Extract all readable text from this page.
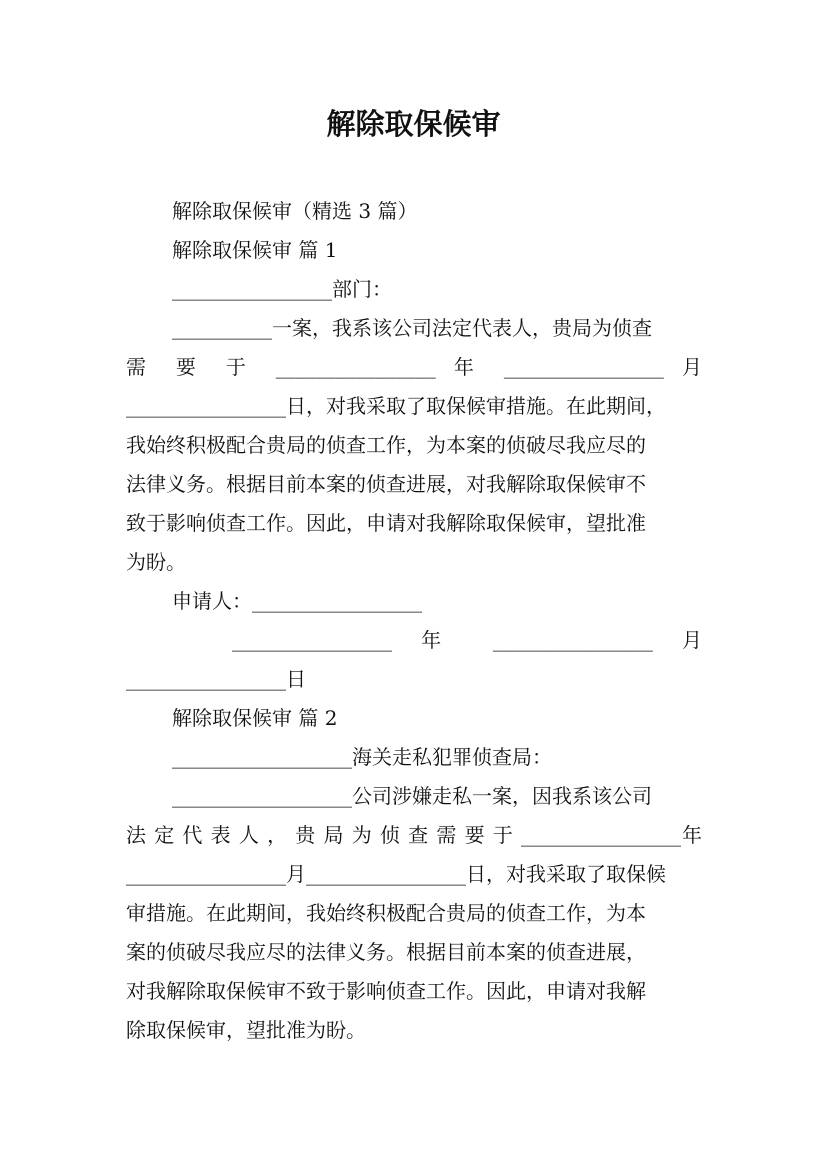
解除取保候审
解除取保候审（精选 3 篇）
解除取保候审 篇 1
________________部门：
__________一案，我系该公司法定代表人，贵局为侦查
需 要 于 ________________ 年 ________________ 月
________________日，对我采取了取保候审措施。在此期间，
我始终积极配合贵局的侦查工作，为本案的侦破尽我应尽的
法律义务。根据目前本案的侦查进展，对我解除取保候审不
致于影响侦查工作。因此，申请对我解除取保候审，望批准
为盼。
申请人：_________________
________________ 年 ________________ 月
________________日
解除取保候审 篇 2
__________________海关走私犯罪侦查局：
__________________公司涉嫌走私一案，因我系该公司
法 定 代 表 人 ， 贵 局 为 侦 查 需 要 于 ________________年
________________月________________日，对我采取了取保候
审措施。在此期间，我始终积极配合贵局的侦查工作，为本
案的侦破尽我应尽的法律义务。根据目前本案的侦查进展，
对我解除取保候审不致于影响侦查工作。因此，申请对我解
除取保候审，望批准为盼。
